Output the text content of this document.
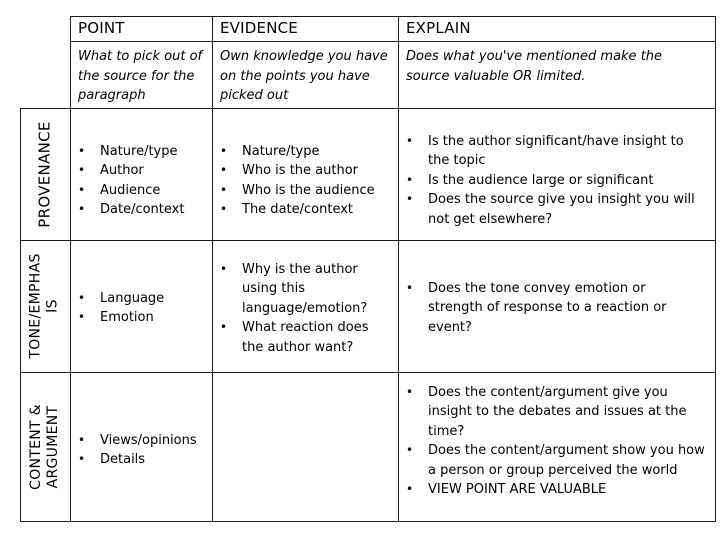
POINT	EVIDENCE	EXPLAIN
What to pick out of the source for the paragraph
Own knowledge you have on the points you have picked out
Does what you've mentioned make the source valuable OR limited.
PROVENANCE
TONE/EMPHAS IS
CONTENT & ARGUMENT
• Nature/type
• Author
• Audience
• Date/context
• Nature/type
• Who is the author
• Who is the audience
• The date/context
• Is the author significant/have insight to the topic
• Is the audience large or significant
• Does the source give you insight you will not get elsewhere?
• Language
• Emotion
• Why is the author using this language/emotion?
• What reaction does the author want?
• Does the tone convey emotion or strength of response to a reaction or event?
• Views/opinions
• Details
• Does the content/argument give you insight to the debates and issues at the time?
• Does the content/argument show you how a person or group perceived the world
• VIEW POINT ARE VALUABLE
